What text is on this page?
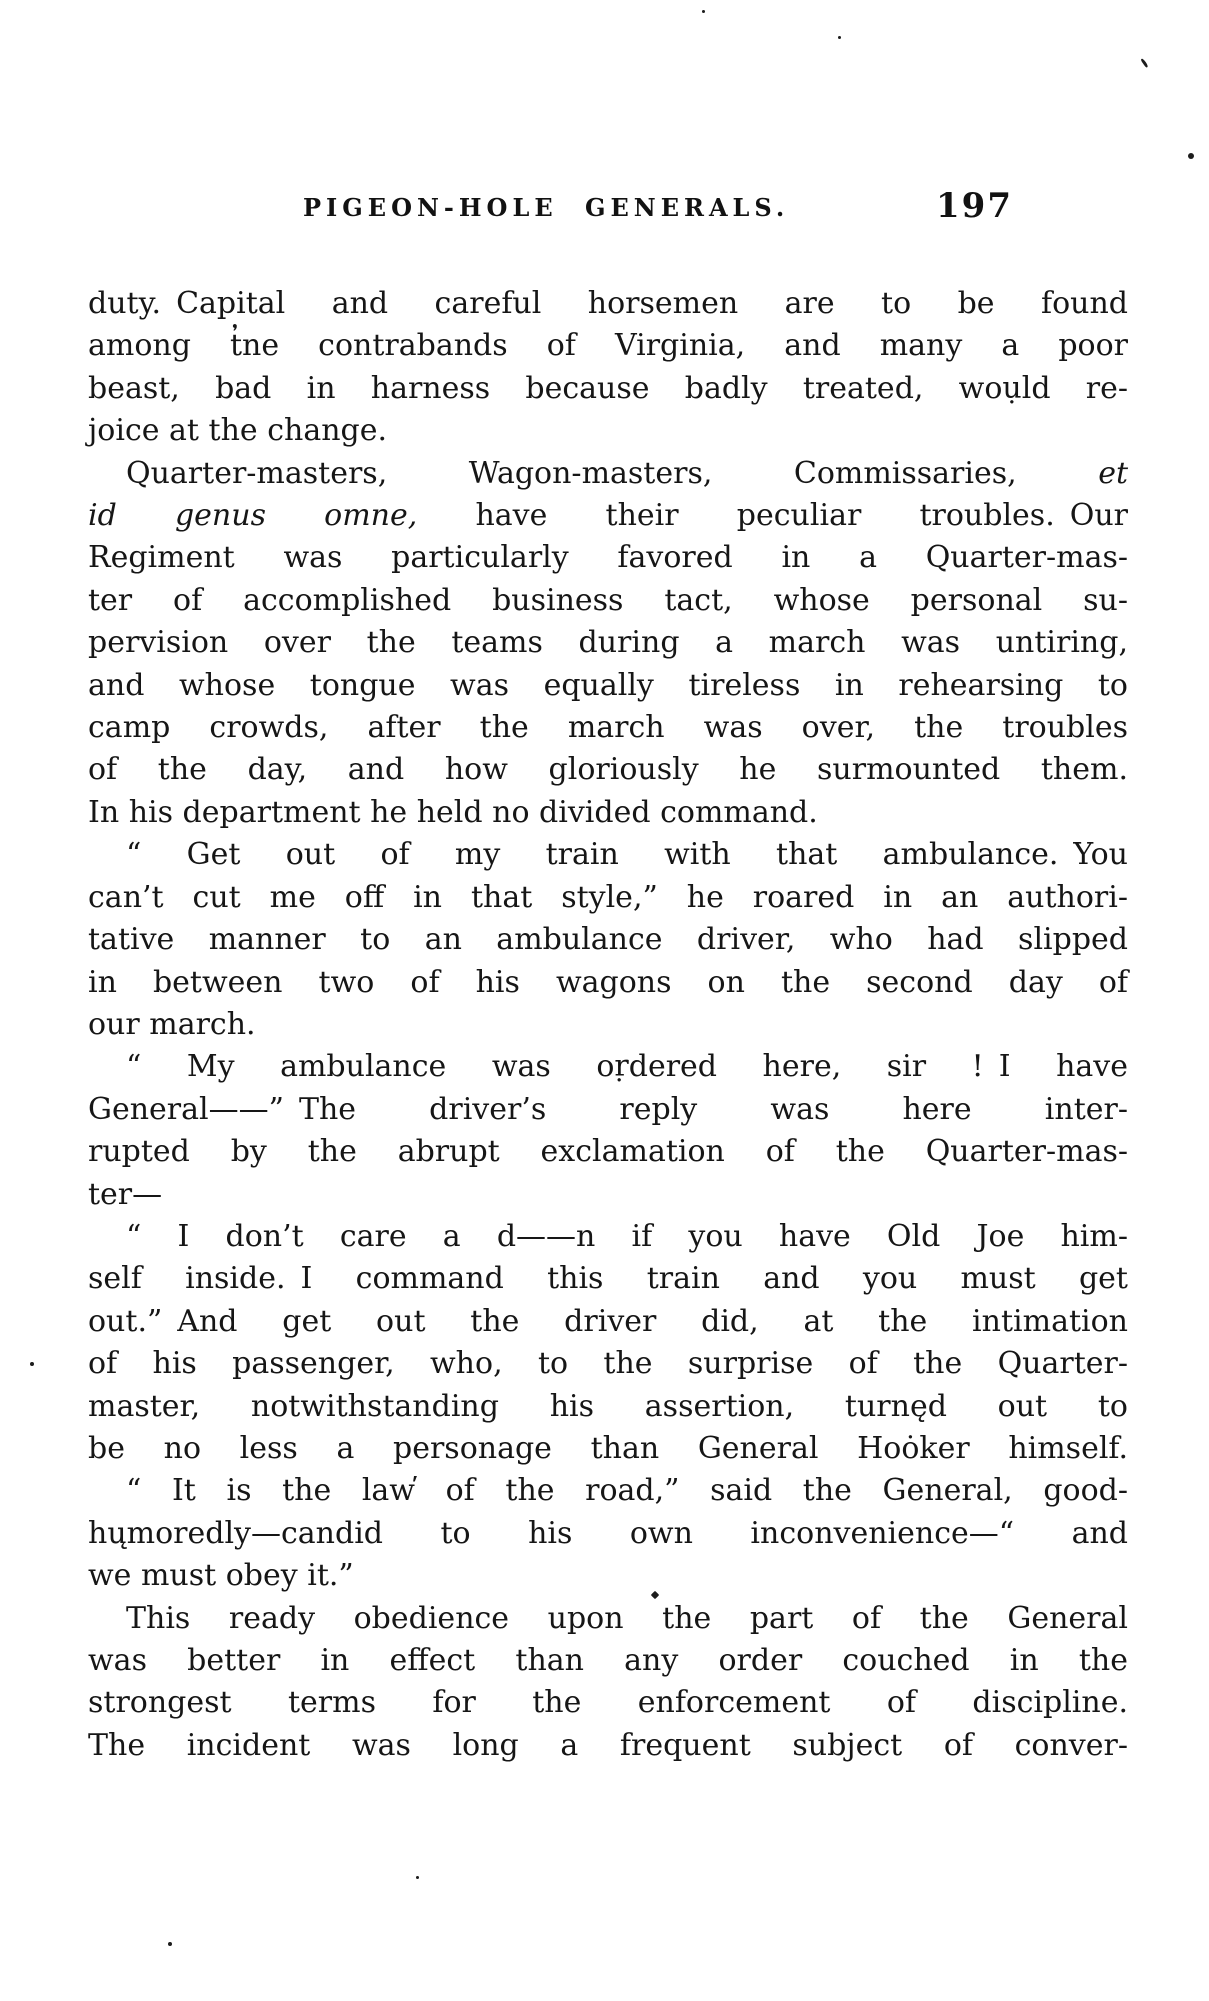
PIGEON-HOLE GENERALS.	197
duty. Capital and careful horsemen are to be found
among t̓ne contrabands of Virginia, and many a poor
beast, bad in harness because badly treated, woụld re-
joice at the change.
Quarter-masters, Wagon-masters, Commissaries, et
id genus omne, have their peculiar troubles. Our
Regiment was particularly favored in a Quarter-mas-
ter of accomplished business tact, whose personal su-
pervision over the teams during a march was untiring,
and whose tongue was equally tireless in rehearsing to
camp crowds, after the march was over, the troubles
of the day, and how gloriously he surmounted them.
In his department he held no divided command.
“ Get out of my train with that ambulance. You
can’t cut me off in that style,” he roared in an authori-
tative manner to an ambulance driver, who had slipped
in between two of his wagons on the second day of
our march.
“ My ambulance was oṛdered here, sir ! I have
General——” The driver’s reply was here inter-
rupted by the abrupt exclamation of the Quarter-mas-
ter—
“ I don’t care a d——n if you have Old Joe him-
self inside. I command this train and you must get
out.” And get out the driver did, at the intimation
of his passenger, who, to the surprise of the Quarter-
master, notwithstanding his assertion, turnęd out to
be no less a personage than General Hoȯker himself.
“ It is the law̕ of the road,” said the General, good-
hųmoredly—candid to his own inconvenience—“ and
we must obey it.”
This ready obedience upon the part of the General
was better in effect than any order couched in the
strongest terms for the enforcement of discipline.
The incident was long a frequent subject of conver-
